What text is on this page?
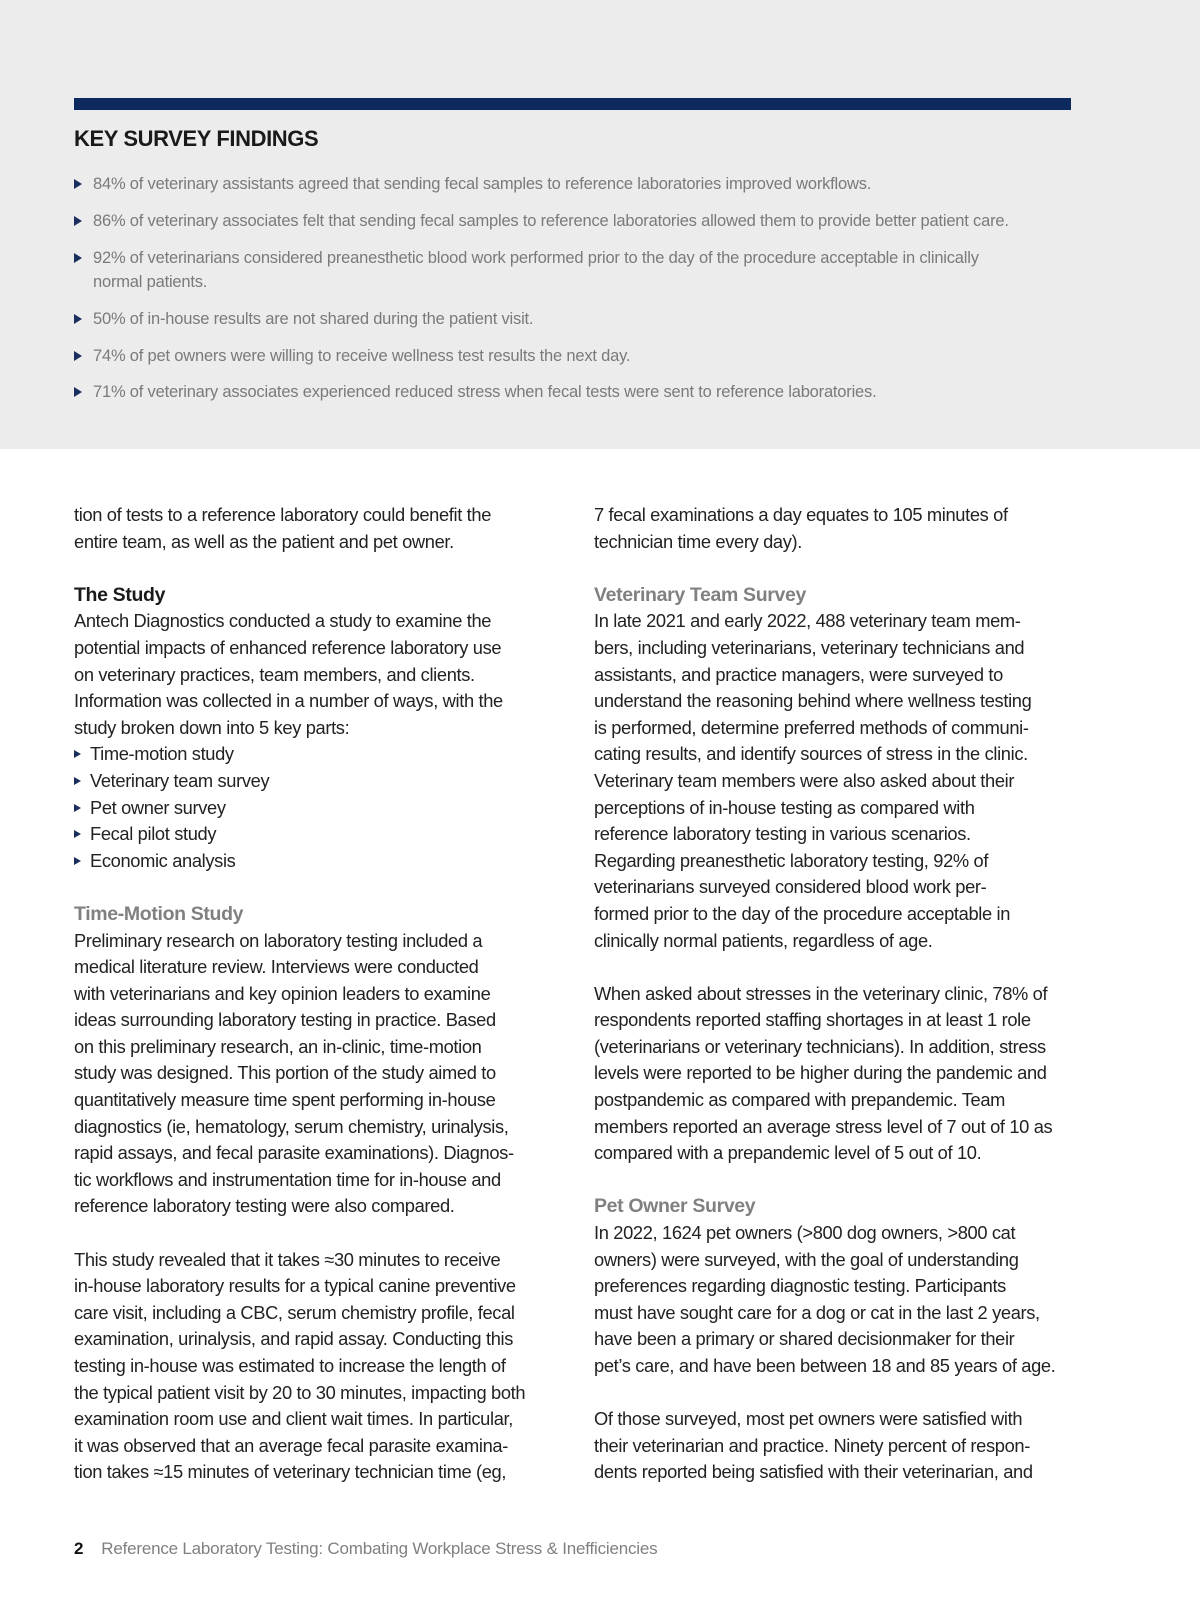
KEY SURVEY FINDINGS
84% of veterinary assistants agreed that sending fecal samples to reference laboratories improved workflows.
86% of veterinary associates felt that sending fecal samples to reference laboratories allowed them to provide better patient care.
92% of veterinarians considered preanesthetic blood work performed prior to the day of the procedure acceptable in clinically
normal patients.
50% of in-house results are not shared during the patient visit.
74% of pet owners were willing to receive wellness test results the next day.
71% of veterinary associates experienced reduced stress when fecal tests were sent to reference laboratories.

tion of tests to a reference laboratory could benefit the
entire team, as well as the patient and pet owner.

The Study

Antech Diagnostics conducted a study to examine the
potential impacts of enhanced reference laboratory use
on veterinary practices, team members, and clients.
Information was collected in a number of ways, with the
study broken down into 5 key parts:

Time-motion study
Veterinary team survey
Pet owner survey
Fecal pilot study
Economic analysis
Time-Motion Study

Preliminary research on laboratory testing included a
medical literature review. Interviews were conducted
with veterinarians and key opinion leaders to examine
ideas surrounding laboratory testing in practice. Based
on this preliminary research, an in-clinic, time-motion
study was designed. This portion of the study aimed to
quantitatively measure time spent performing in-house
diagnostics (ie, hematology, serum chemistry, urinalysis,
rapid assays, and fecal parasite examinations). Diagnos-
tic workflows and instrumentation time for in-house and
reference laboratory testing were also compared.

This study revealed that it takes ≈30 minutes to receive
in-house laboratory results for a typical canine preventive
care visit, including a CBC, serum chemistry profile, fecal
examination, urinalysis, and rapid assay. Conducting this
testing in-house was estimated to increase the length of
the typical patient visit by 20 to 30 minutes, impacting both
examination room use and client wait times. In particular,
it was observed that an average fecal parasite examina-
tion takes ≈15 minutes of veterinary technician time (eg,

7 fecal examinations a day equates to 105 minutes of
technician time every day).

Veterinary Team Survey

In late 2021 and early 2022, 488 veterinary team mem-
bers, including veterinarians, veterinary technicians and
assistants, and practice managers, were surveyed to
understand the reasoning behind where wellness testing
is performed, determine preferred methods of communi-
cating results, and identify sources of stress in the clinic.
Veterinary team members were also asked about their
perceptions of in-house testing as compared with
reference laboratory testing in various scenarios.
Regarding preanesthetic laboratory testing, 92% of
veterinarians surveyed considered blood work per-
formed prior to the day of the procedure acceptable in
clinically normal patients, regardless of age.

When asked about stresses in the veterinary clinic, 78% of
respondents reported staffing shortages in at least 1 role
(veterinarians or veterinary technicians). In addition, stress
levels were reported to be higher during the pandemic and
postpandemic as compared with prepandemic. Team
members reported an average stress level of 7 out of 10 as
compared with a prepandemic level of 5 out of 10.

Pet Owner Survey

In 2022, 1624 pet owners (>800 dog owners, >800 cat
owners) were surveyed, with the goal of understanding
preferences regarding diagnostic testing. Participants
must have sought care for a dog or cat in the last 2 years,
have been a primary or shared decisionmaker for their
pet’s care, and have been between 18 and 85 years of age.

Of those surveyed, most pet owners were satisfied with
their veterinarian and practice. Ninety percent of respon-
dents reported being satisfied with their veterinarian, and

2 Reference Laboratory Testing: Combating Workplace Stress & Inefficiencies
